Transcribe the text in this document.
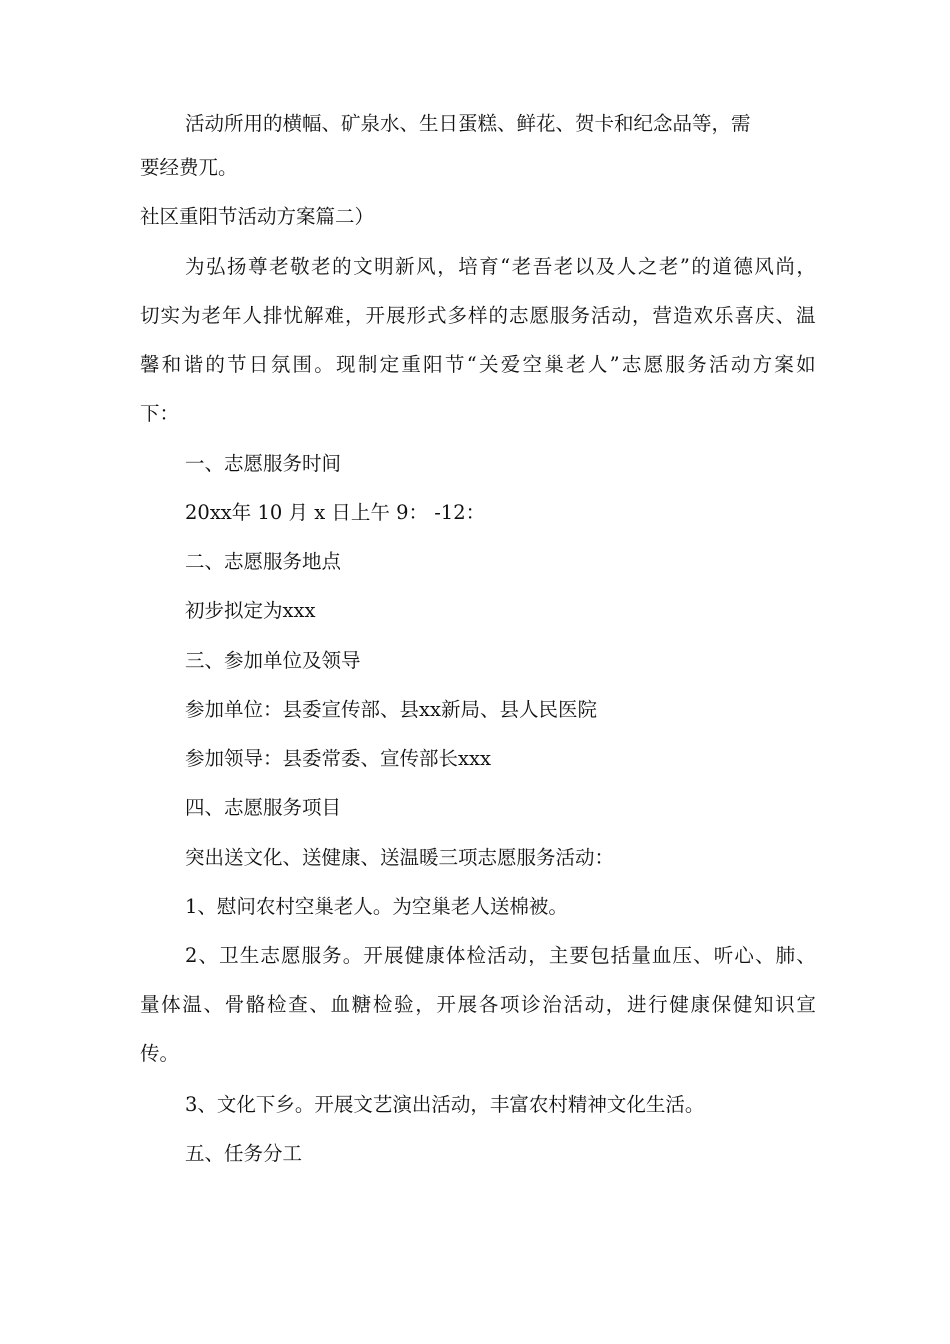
活动所用的横幅、矿泉水、生日蛋糕、鲜花、贺卡和纪念品等，需
要经费兀。
社区重阳节活动方案篇二）
为 弘 扬 尊 老 敬 老 的 文 明 新 风 ， 培 育 “ 老 吾 老 以 及 人 之 老 ” 的 道 德 风 尚 ，
切 实 为 老 年 人 排 忧 解 难 ， 开 展 形 式 多 样 的 志 愿 服 务 活 动 ， 营 造 欢 乐 喜 庆 、 温
馨 和 谐 的 节 日 氛 围 。 现 制 定 重 阳 节 “ 关 爱 空 巢 老 人 ” 志 愿 服 务 活 动 方 案 如
下：
一、志愿服务时间
20xx年 10 月 x 日上午 9： -12：
二、志愿服务地点
初步拟定为xxx
三、参加单位及领导
参加单位：县委宣传部、县xx新局、县人民医院
参加领导：县委常委、宣传部长xxx
四、志愿服务项目
突出送文化、送健康、送温暖三项志愿服务活动：
1、慰问农村空巢老人。为空巢老人送棉被。
2 、 卫 生 志 愿 服 务 。 开 展 健 康 体 检 活 动 ， 主 要 包 括 量 血 压 、 听 心 、 肺 、
量 体 温 、 骨 骼 检 查 、 血 糖 检 验 ， 开 展 各 项 诊 治 活 动 ， 进 行 健 康 保 健 知 识 宣
传。
3、文化下乡。开展文艺演出活动，丰富农村精神文化生活。
五、任务分工
